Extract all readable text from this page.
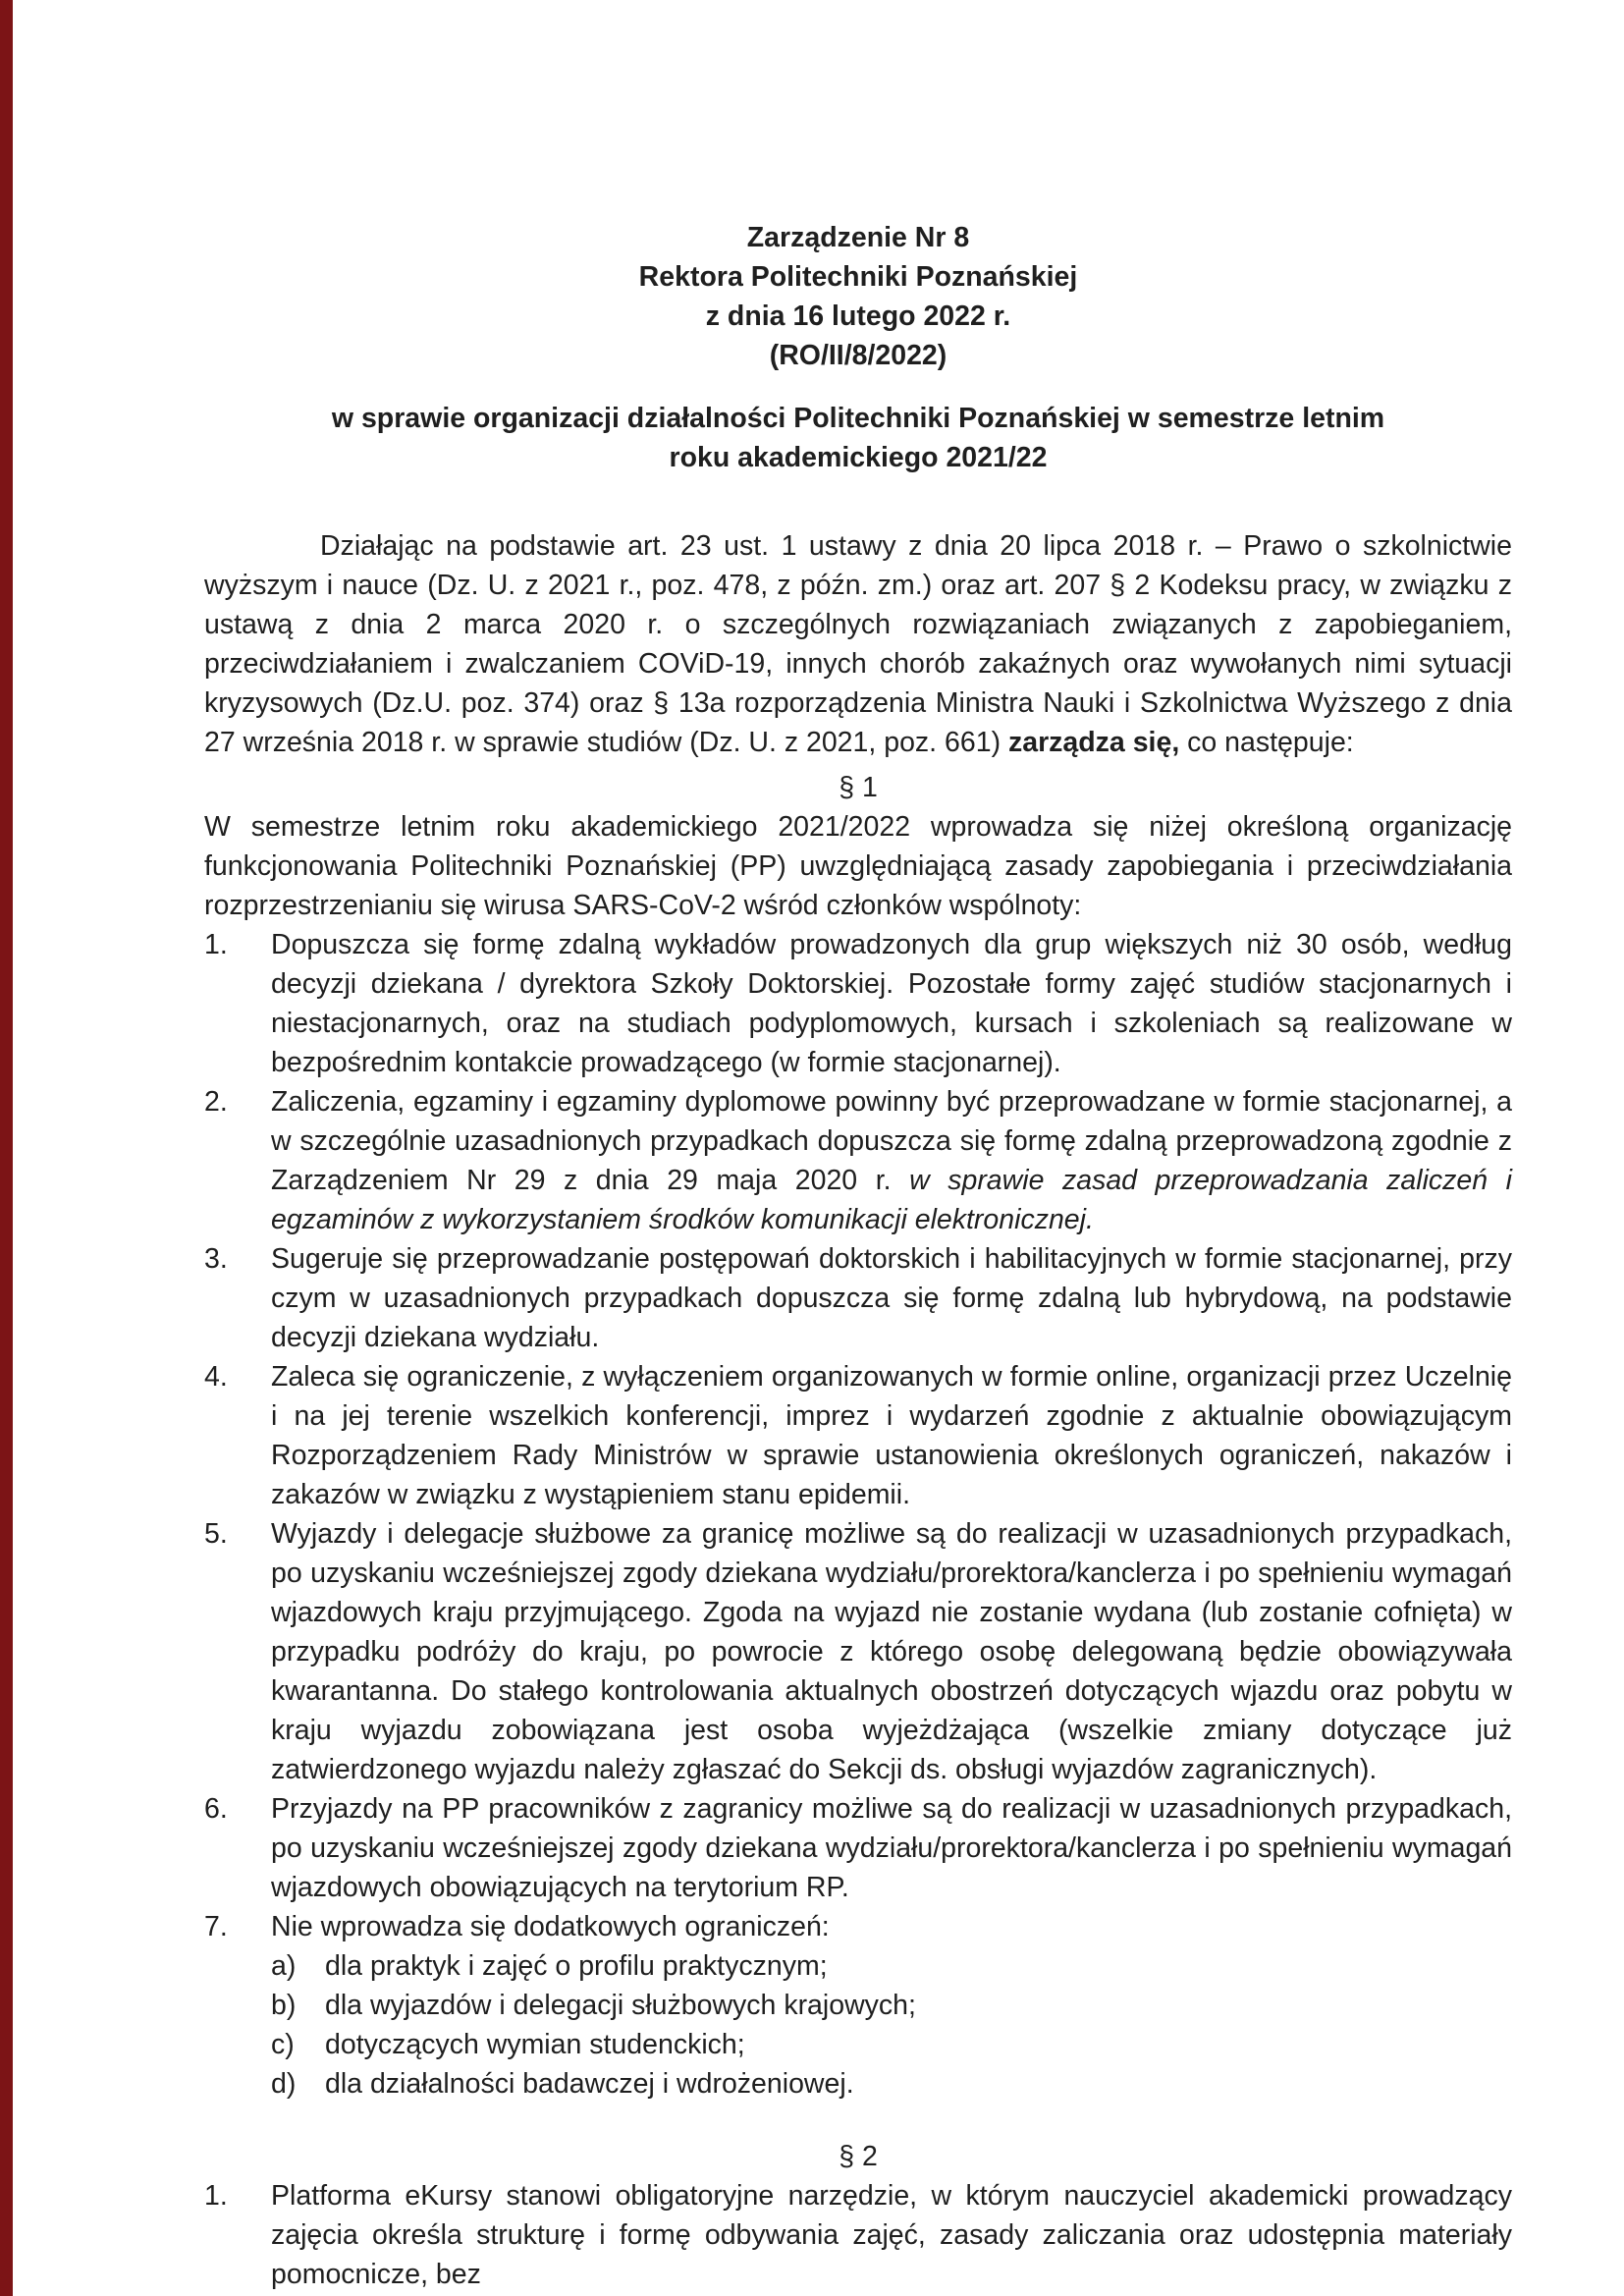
Zarządzenie Nr 8
Rektora Politechniki Poznańskiej
z dnia 16 lutego 2022 r.
(RO/II/8/2022)
w sprawie organizacji działalności Politechniki Poznańskiej w semestrze letnim
roku akademickiego 2021/22

Działając na podstawie art. 23 ust. 1 ustawy z dnia 20 lipca 2018 r. – Prawo o szkolnictwie wyższym i nauce (Dz. U. z 2021 r., poz. 478, z późn. zm.) oraz art. 207 § 2 Kodeksu pracy, w związku z ustawą z dnia 2 marca 2020 r. o szczególnych rozwiązaniach związanych z zapobieganiem, przeciwdziałaniem i zwalczaniem COViD-19, innych chorób zakaźnych oraz wywołanych nimi sytuacji kryzysowych (Dz.U. poz. 374) oraz § 13a rozporządzenia Ministra Nauki i Szkolnictwa Wyższego z dnia 27 września 2018 r. w sprawie studiów (Dz. U. z 2021, poz. 661) zarządza się, co następuje:

§ 1

W semestrze letnim roku akademickiego 2021/2022 wprowadza się niżej określoną organizację funkcjonowania Politechniki Poznańskiej (PP) uwzględniającą zasady zapobiegania i przeciwdziałania rozprzestrzenianiu się wirusa SARS-CoV-2 wśród członków wspólnoty:

1.	Dopuszcza się formę zdalną wykładów prowadzonych dla grup większych niż 30 osób, według decyzji dziekana / dyrektora Szkoły Doktorskiej. Pozostałe formy zajęć studiów stacjonarnych i niestacjonarnych, oraz na studiach podyplomowych, kursach i szkoleniach są realizowane w bezpośrednim kontakcie prowadzącego (w formie stacjonarnej).
2.	Zaliczenia, egzaminy i egzaminy dyplomowe powinny być przeprowadzane w formie stacjonarnej, a w szczególnie uzasadnionych przypadkach dopuszcza się formę zdalną przeprowadzoną zgodnie z Zarządzeniem Nr 29 z dnia 29 maja 2020 r. w sprawie zasad przeprowadzania zaliczeń i egzaminów z wykorzystaniem środków komunikacji elektronicznej.
3.	Sugeruje się przeprowadzanie postępowań doktorskich i habilitacyjnych w formie stacjonarnej, przy czym w uzasadnionych przypadkach dopuszcza się formę zdalną lub hybrydową, na podstawie decyzji dziekana wydziału.
4.	Zaleca się ograniczenie, z wyłączeniem organizowanych w formie online, organizacji przez Uczelnię i na jej terenie wszelkich konferencji, imprez i wydarzeń zgodnie z aktualnie obowiązującym Rozporządzeniem Rady Ministrów w sprawie ustanowienia określonych ograniczeń, nakazów i zakazów w związku z wystąpieniem stanu epidemii.
5.	Wyjazdy i delegacje służbowe za granicę możliwe są do realizacji w uzasadnionych przypadkach, po uzyskaniu wcześniejszej zgody dziekana wydziału/prorektora/kanclerza i po spełnieniu wymagań wjazdowych kraju przyjmującego. Zgoda na wyjazd nie zostanie wydana (lub zostanie cofnięta) w przypadku podróży do kraju, po powrocie z którego osobę delegowaną będzie obowiązywała kwarantanna. Do stałego kontrolowania aktualnych obostrzeń dotyczących wjazdu oraz pobytu w kraju wyjazdu zobowiązana jest osoba wyjeżdżająca (wszelkie zmiany dotyczące już zatwierdzonego wyjazdu należy zgłaszać do Sekcji ds. obsługi wyjazdów zagranicznych).
6.	Przyjazdy na PP pracowników z zagranicy możliwe są do realizacji w uzasadnionych przypadkach, po uzyskaniu wcześniejszej zgody dziekana wydziału/prorektora/kanclerza i po spełnieniu wymagań wjazdowych obowiązujących na terytorium RP.
7.	Nie wprowadza się dodatkowych ograniczeń:
a)	dla praktyk i zajęć o profilu praktycznym;
b)	dla wyjazdów i delegacji służbowych krajowych;
c)	dotyczących wymian studenckich;
d)	dla działalności badawczej i wdrożeniowej.
§ 2
1.	Platforma eKursy stanowi obligatoryjne narzędzie, w którym nauczyciel akademicki prowadzący zajęcia określa strukturę i formę odbywania zajęć, zasady zaliczania oraz udostępnia materiały pomocnicze, bez
